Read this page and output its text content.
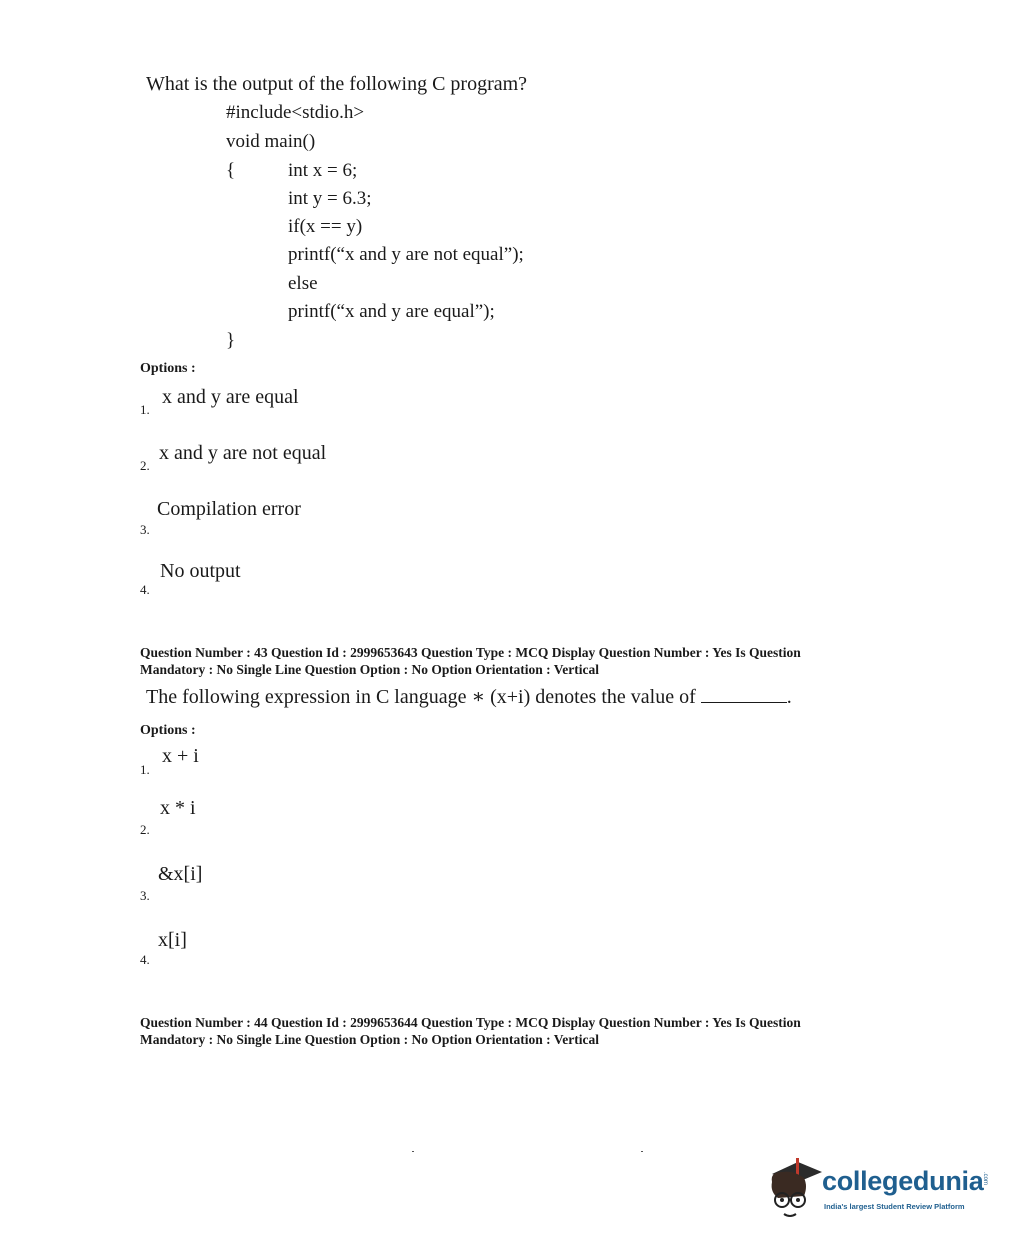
What is the output of the following C program?
#include<stdio.h>
void main()
{	int x = 6;
int y = 6.3;
if(x == y)
printf(“x and y are not equal”);
else
printf(“x and y are equal”);
}
Options :
1.
x and y are equal
2.
x and y are not equal
3.
Compilation error
4.
No output
Question Number : 43 Question Id : 2999653643 Question Type : MCQ Display Question Number : Yes Is Question
Mandatory : No Single Line Question Option : No Option Orientation : Vertical
The following expression in C language ∗ (x+i) denotes the value of	.
Options :
1.
x + i
2.
x * i
3.
&x[i]
4.
x[i]
Question Number : 44 Question Id : 2999653644 Question Type : MCQ Display Question Number : Yes Is Question
Mandatory : No Single Line Question Option : No Option Orientation : Vertical
collegedunia
.com
India's largest Student Review Platform
